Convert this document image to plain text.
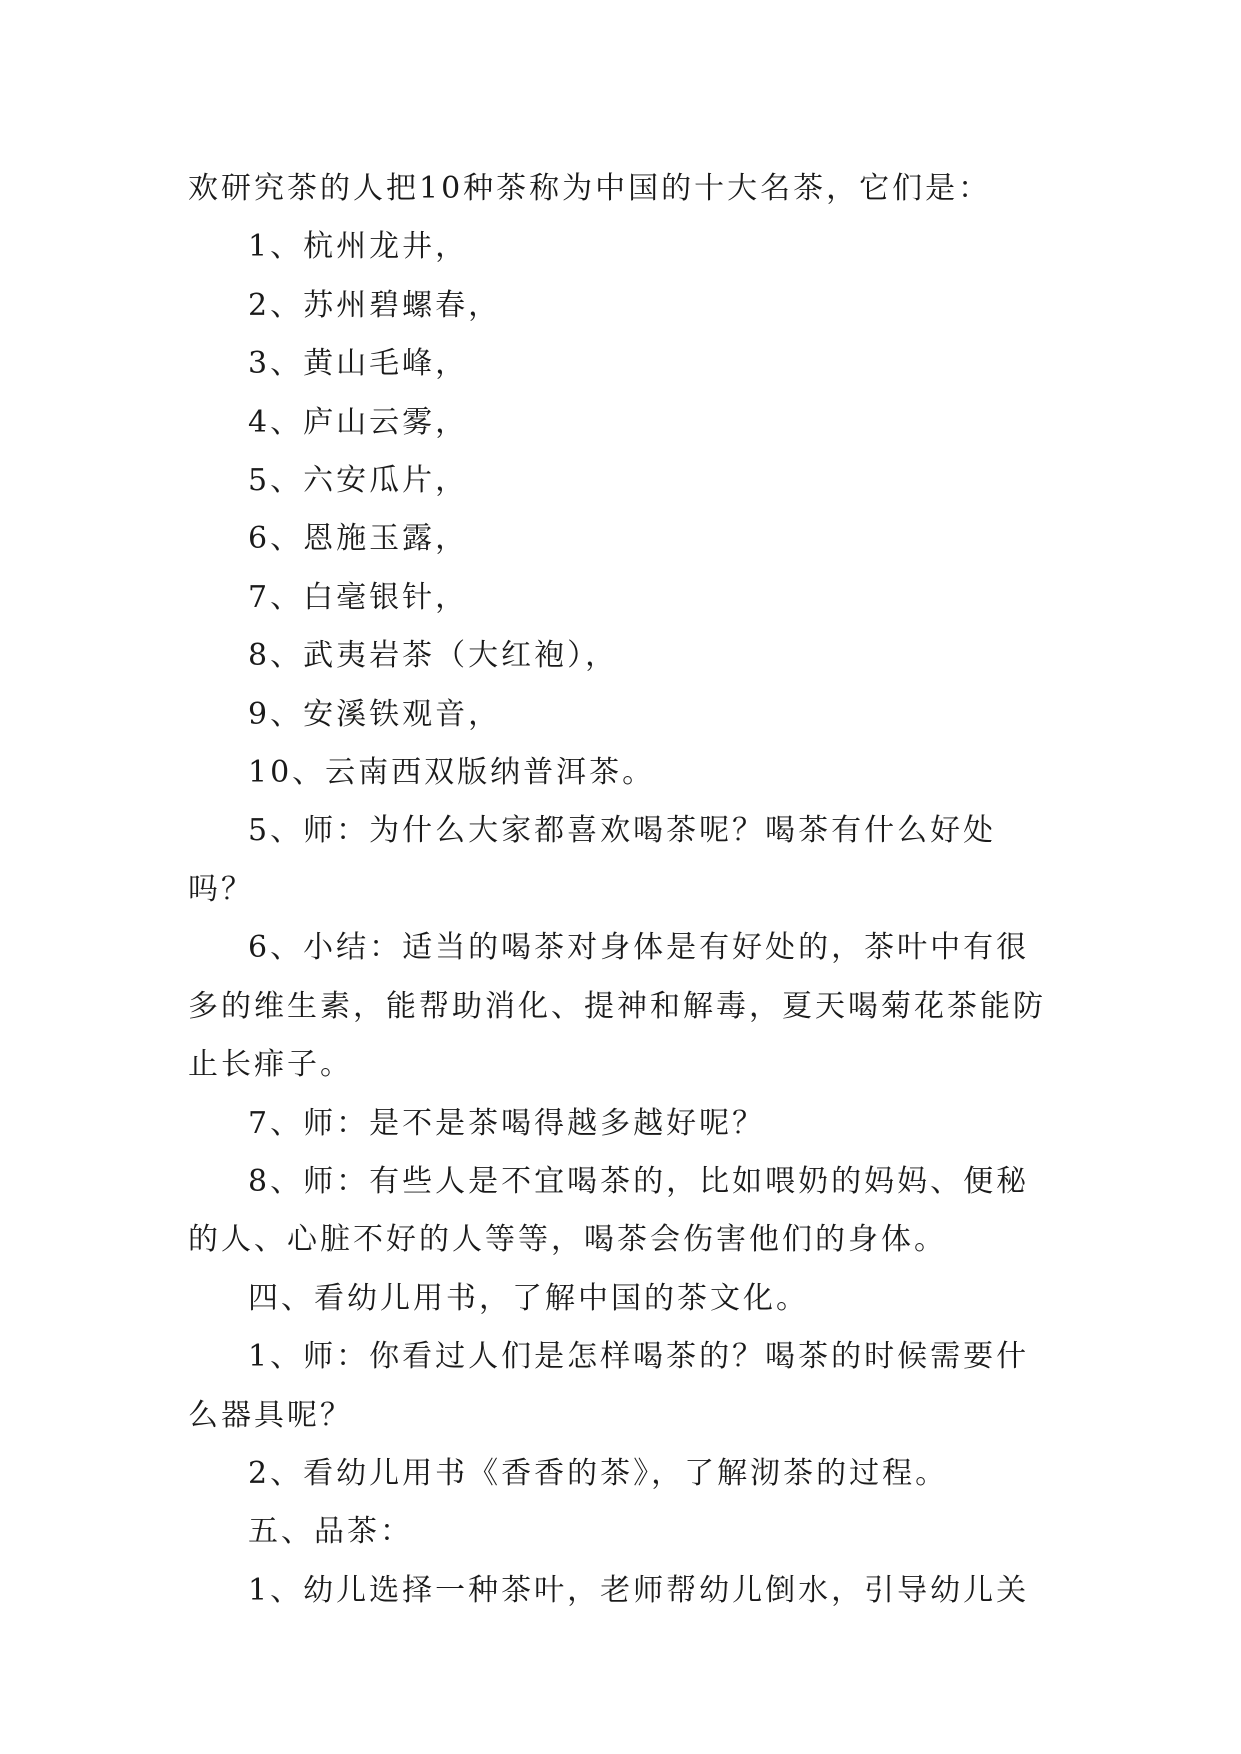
欢研究茶的人把10种茶称为中国的十大名茶，它们是：

1、杭州龙井，

2、苏州碧螺春，

3、黄山毛峰，

4、庐山云雾，

5、六安瓜片，

6、恩施玉露，

7、白毫银针，

8、武夷岩茶（大红袍），

9、安溪铁观音，

10、云南西双版纳普洱茶。

5、师：为什么大家都喜欢喝茶呢？喝茶有什么好处吗？

6、小结：适当的喝茶对身体是有好处的，茶叶中有很多的维生素，能帮助消化、提神和解毒，夏天喝菊花茶能防止长痱子。

7、师：是不是茶喝得越多越好呢？

8、师：有些人是不宜喝茶的，比如喂奶的妈妈、便秘的人、心脏不好的人等等，喝茶会伤害他们的身体。

四、看幼儿用书，了解中国的茶文化。

1、师：你看过人们是怎样喝茶的？喝茶的时候需要什么器具呢？

2、看幼儿用书《香香的茶》，了解沏茶的过程。

五、品茶：

1、幼儿选择一种茶叶，老师帮幼儿倒水，引导幼儿关
